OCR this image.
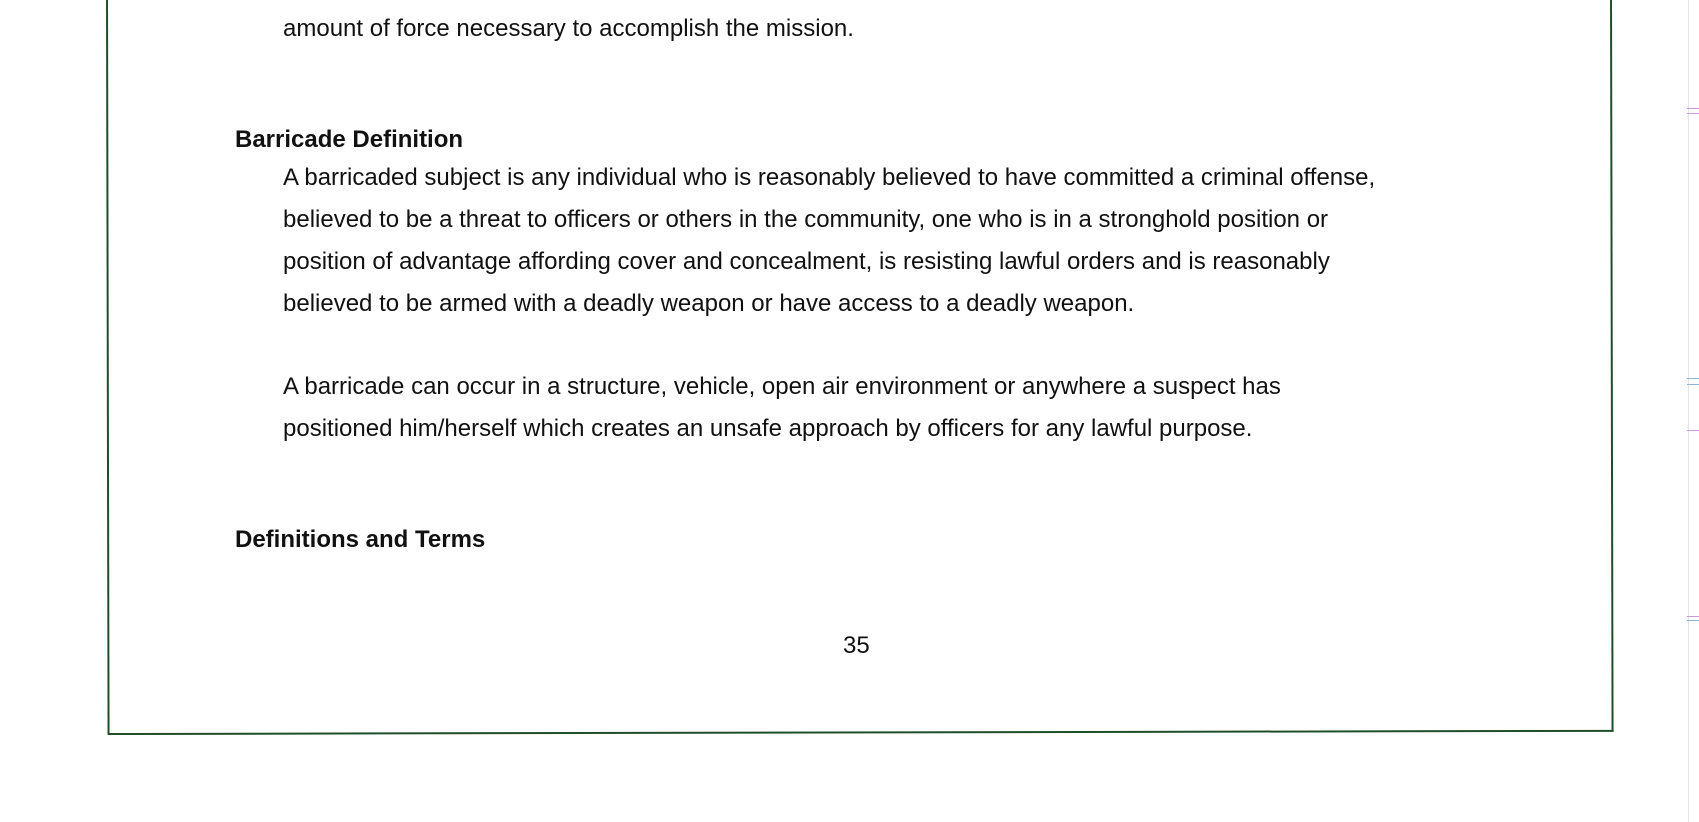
amount of force necessary to accomplish the mission.
Barricade Definition
A barricaded subject is any individual who is reasonably believed to have committed a criminal offense,
believed to be a threat to officers or others in the community, one who is in a stronghold position or
position of advantage affording cover and concealment, is resisting lawful orders and is reasonably
believed to be armed with a deadly weapon or have access to a deadly weapon.
A barricade can occur in a structure, vehicle, open air environment or anywhere a suspect has
positioned him/herself which creates an unsafe approach by officers for any lawful purpose.
Definitions and Terms
35
